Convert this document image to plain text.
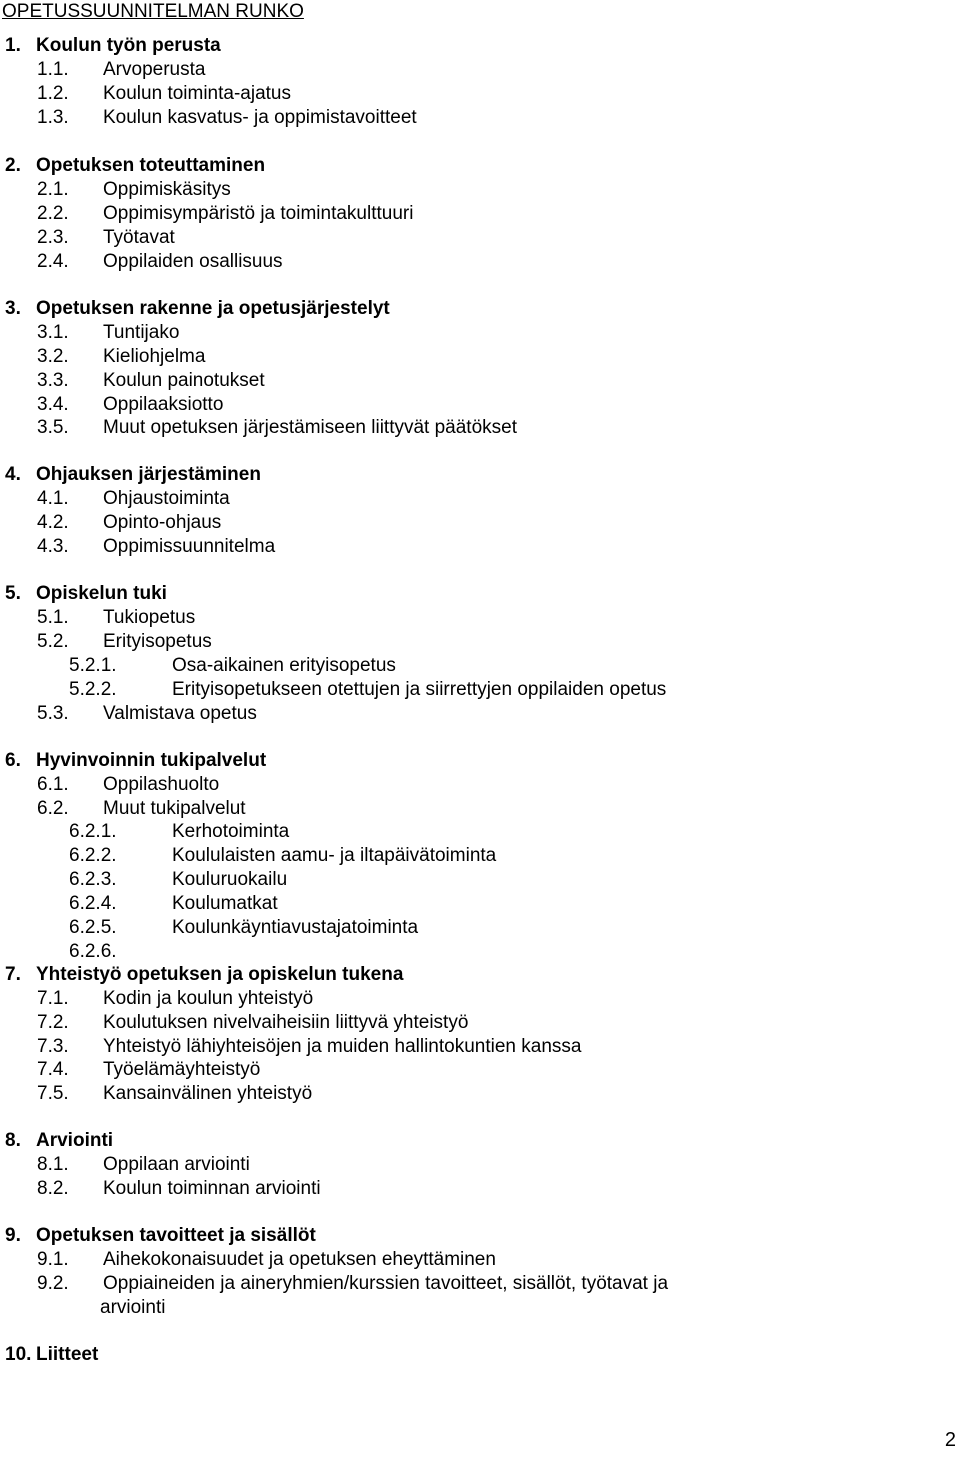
OPETUSSUUNNITELMAN RUNKO
1. Koulun työn perusta
1.1. Arvoperusta
1.2. Koulun toiminta-ajatus
1.3. Koulun kasvatus- ja oppimistavoitteet
2. Opetuksen toteuttaminen
2.1. Oppimiskäsitys
2.2. Oppimisympäristö ja toimintakulttuuri
2.3. Työtavat
2.4. Oppilaiden osallisuus
3. Opetuksen rakenne ja opetusjärjestelyt
3.1. Tuntijako
3.2. Kieliohjelma
3.3. Koulun painotukset
3.4. Oppilaaksiotto
3.5. Muut opetuksen järjestämiseen liittyvät päätökset
4. Ohjauksen järjestäminen
4.1. Ohjaustoiminta
4.2. Opinto-ohjaus
4.3. Oppimissuunnitelma
5. Opiskelun tuki
5.1. Tukiopetus
5.2. Erityisopetus
5.2.1.	Osa-aikainen erityisopetus
5.2.2.	Erityisopetukseen otettujen ja siirrettyjen oppilaiden opetus
5.3. Valmistava opetus
6. Hyvinvoinnin tukipalvelut
6.1. Oppilashuolto
6.2. Muut tukipalvelut
6.2.1.	Kerhotoiminta
6.2.2.	Koululaisten aamu- ja iltapäivätoiminta
6.2.3.	Kouluruokailu
6.2.4.	Koulumatkat
6.2.5.	Koulunkäyntiavustajatoiminta
6.2.6.
7. Yhteistyö opetuksen ja opiskelun tukena
7.1. Kodin ja koulun yhteistyö
7.2. Koulutuksen nivelvaiheisiin liittyvä yhteistyö
7.3. Yhteistyö lähiyhteisöjen ja muiden hallintokuntien kanssa
7.4. Työelämäyhteistyö
7.5. Kansainvälinen yhteistyö
8. Arviointi
8.1. Oppilaan arviointi
8.2. Koulun toiminnan arviointi
9. Opetuksen tavoitteet ja sisällöt
9.1. Aihekokonaisuudet ja opetuksen eheyttäminen
9.2. Oppiaineiden ja aineryhmien/kurssien tavoitteet, sisällöt, työtavat ja
arviointi
10. Liitteet
2
